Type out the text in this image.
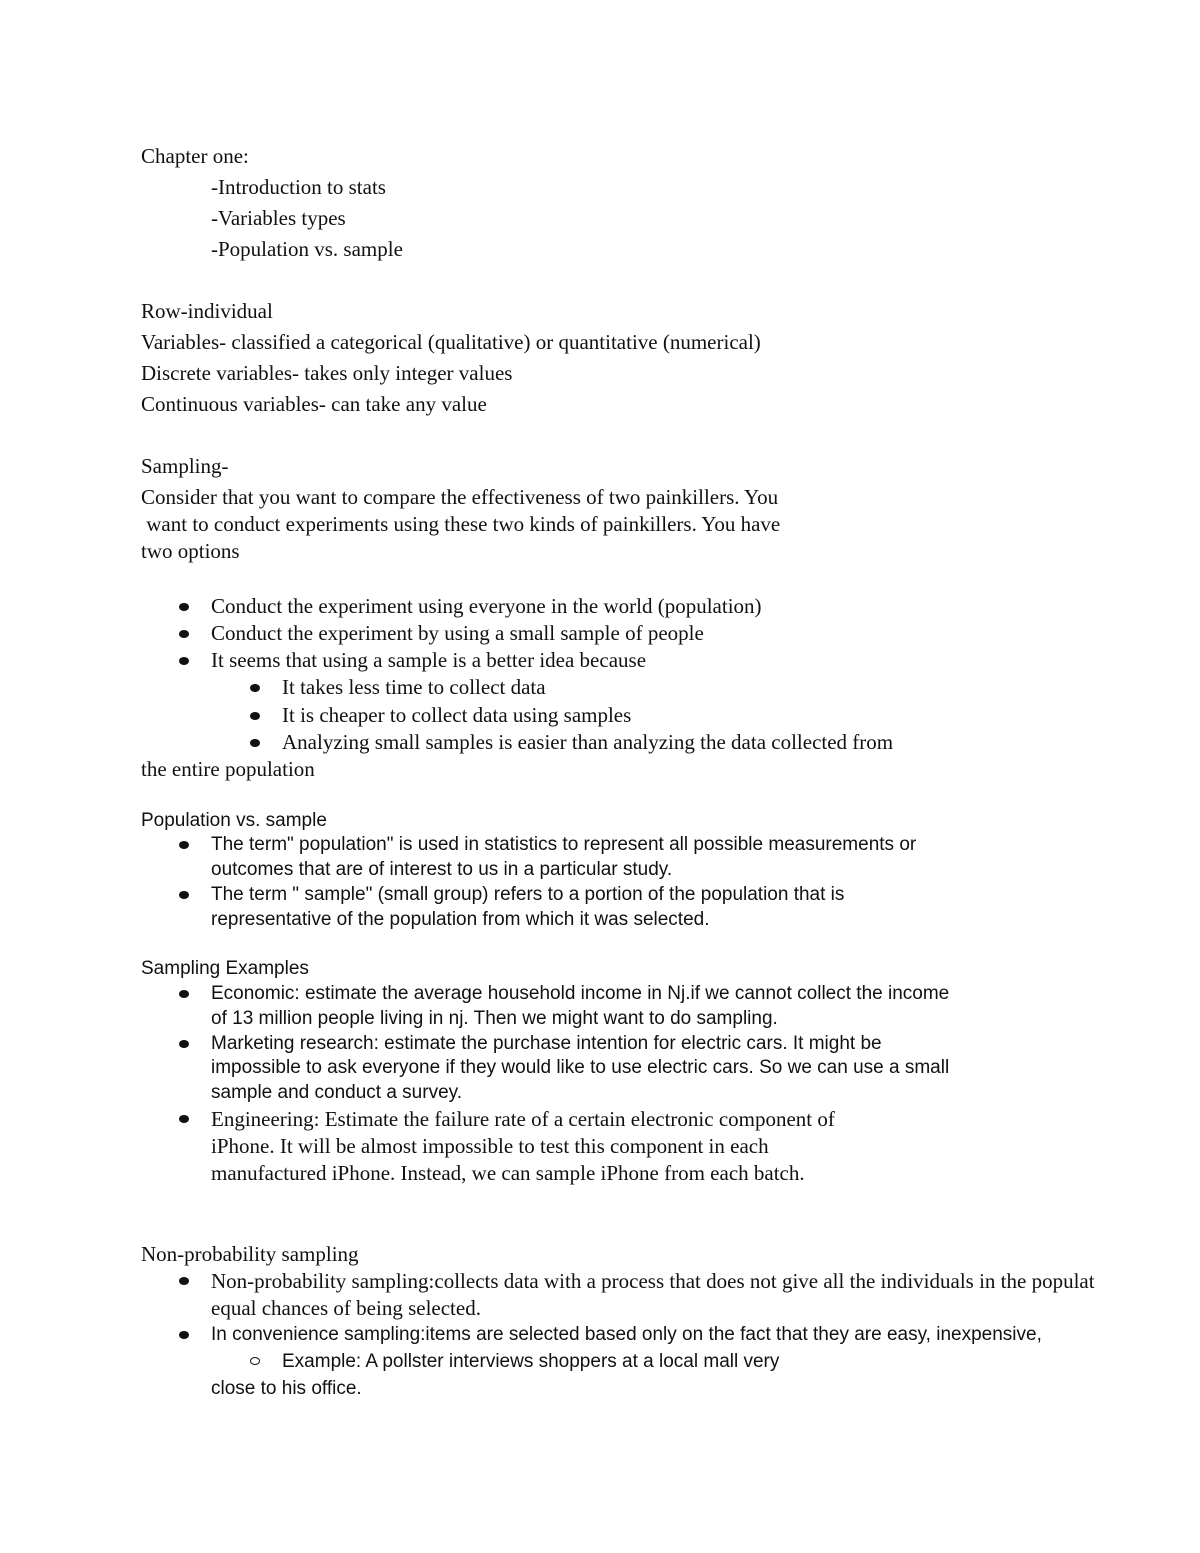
Chapter one:
-Introduction to stats
-Variables types
-Population vs. sample
Row-individual
Variables- classified a categorical (qualitative) or quantitative (numerical)
Discrete variables- takes only integer values
Continuous variables- can take any value
Sampling-
Consider that you want to compare the effectiveness of two painkillers. You
want to conduct experiments using these two kinds of painkillers. You have
two options
Conduct the experiment using everyone in the world (population)
Conduct the experiment by using a small sample of people
It seems that using a sample is a better idea because
It takes less time to collect data
It is cheaper to collect data using samples
Analyzing small samples is easier than analyzing the data collected from
the entire population
Population vs. sample
The term" population" is used in statistics to represent all possible measurements or
outcomes that are of interest to us in a particular study.
The term " sample" (small group) refers to a portion of the population that is
representative of the population from which it was selected.
Sampling Examples
Economic: estimate the average household income in Nj.if we cannot collect the income
of 13 million people living in nj. Then we might want to do sampling.
Marketing research: estimate the purchase intention for electric cars. It might be
impossible to ask everyone if they would like to use electric cars. So we can use a small
sample and conduct a survey.
Engineering: Estimate the failure rate of a certain electronic component of
iPhone. It will be almost impossible to test this component in each
manufactured iPhone. Instead, we can sample iPhone from each batch.
Non-probability sampling
Non-probability sampling:collects data with a process that does not give all the individuals in the populat
equal chances of being selected.
In convenience sampling:items are selected based only on the fact that they are easy, inexpensive,
Example: A pollster interviews shoppers at a local mall very
close to his office.
